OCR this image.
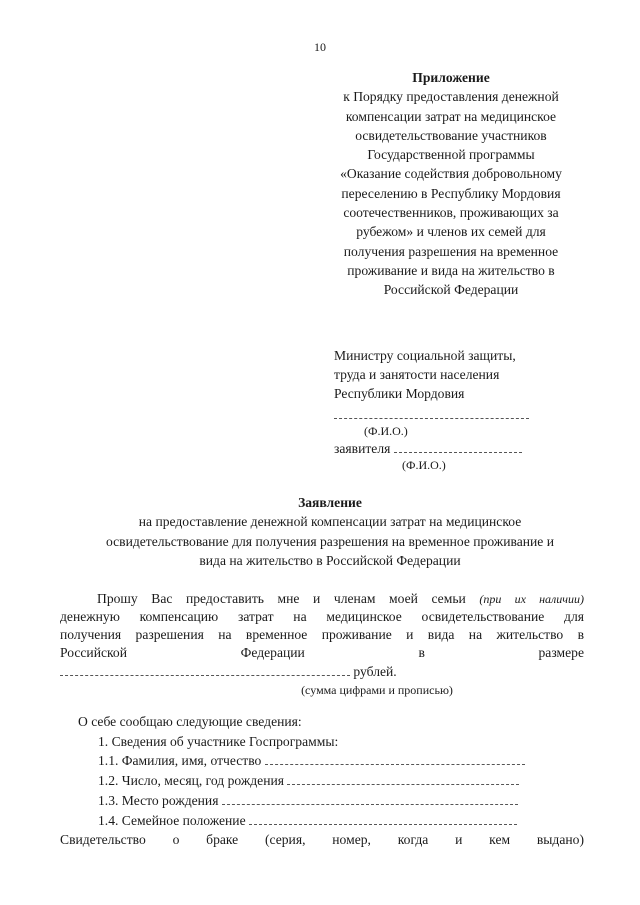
10
Приложение
к Порядку предоставления денежной
компенсации затрат на медицинское
освидетельствование участников
Государственной программы
«Оказание содействия добровольному
переселению в Республику Мордовия
соотечественников, проживающих за
рубежом» и членов их семей для
получения разрешения на временное
проживание и вида на жительство в
Российской Федерации
Министру социальной защиты,
труда и занятости населения
Республики Мордовия
(Ф.И.О.)
заявителя
(Ф.И.О.)
Заявление
на предоставление денежной компенсации затрат на медицинское
освидетельствование для получения разрешения на временное проживание и
вида на жительство в Российской Федерации
Прошу Вас предоставить мне и членам моей семьи (при их наличии)
денежную компенсацию затрат на медицинское освидетельствование для
получения разрешения на временное проживание и вида на жительство в
Российской	Федерации	в	размере
рублей.
(сумма цифрами и прописью)
О себе сообщаю следующие сведения:
1. Сведения об участнике Госпрограммы:
1.1. Фамилия, имя, отчество
1.2. Число, месяц, год рождения
1.3. Место рождения
1.4. Семейное положение
Свидетельство о браке (серия, номер, когда и кем выдано)
